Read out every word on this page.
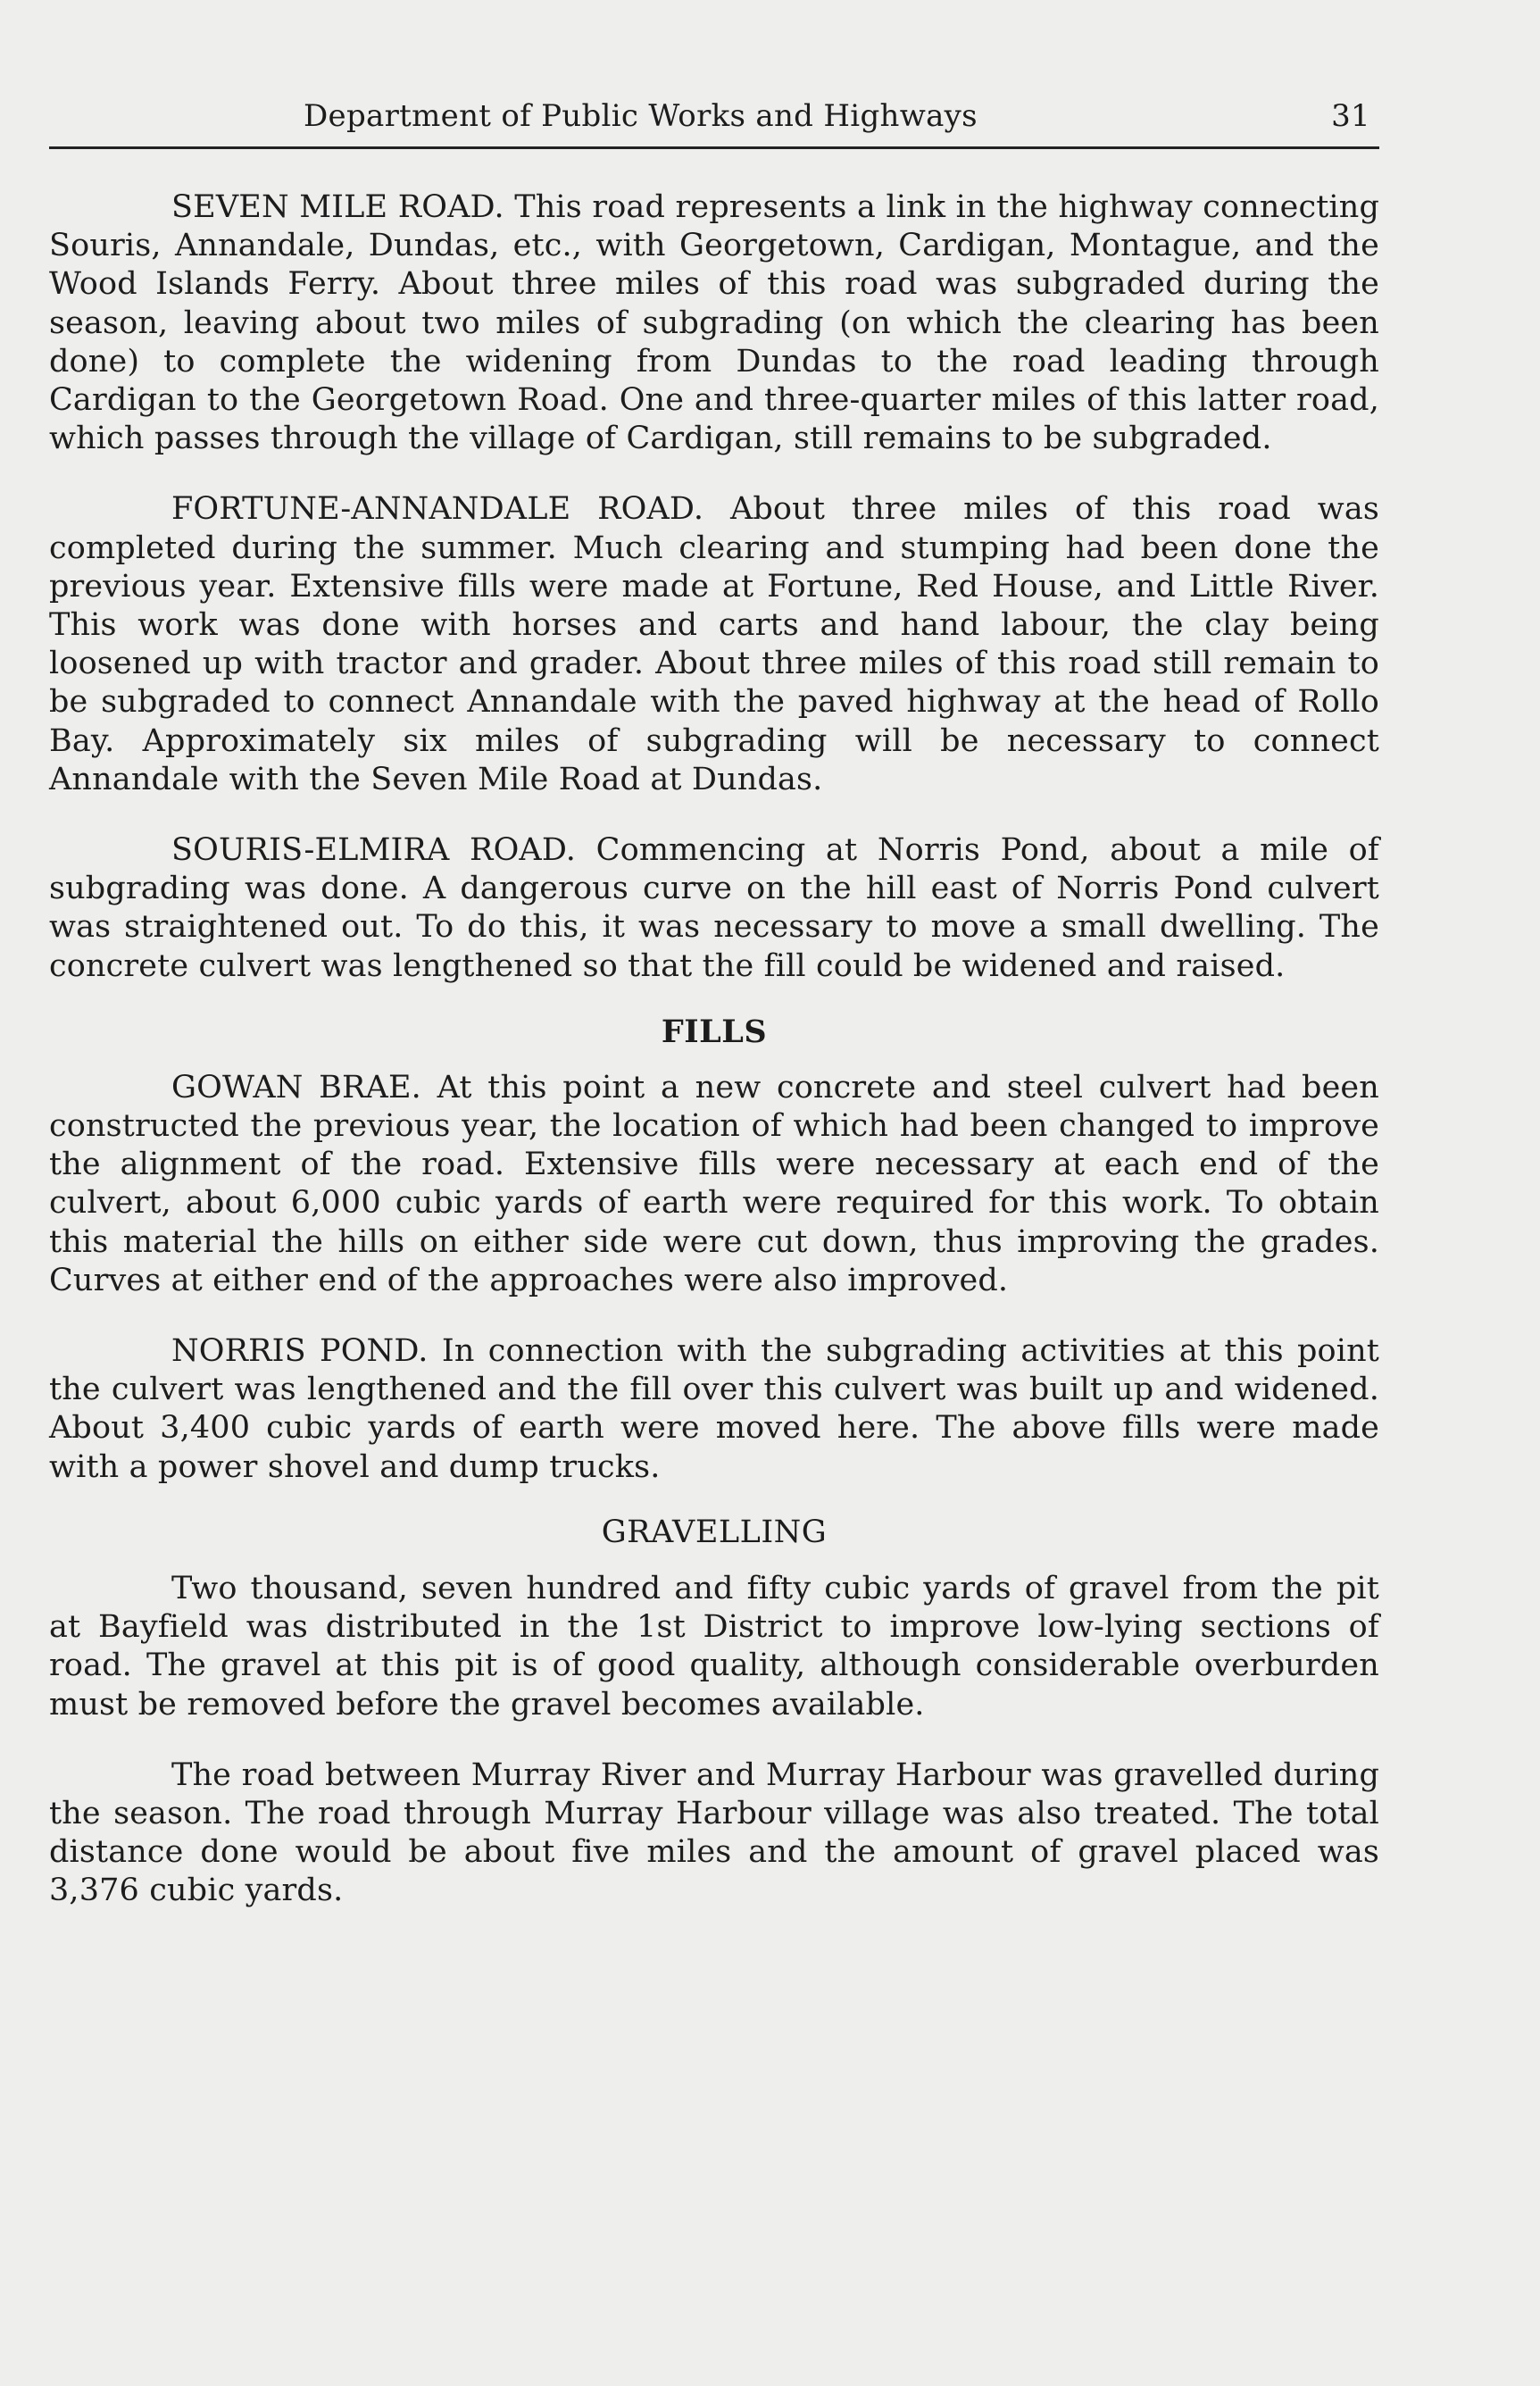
Department of Public Works and Highways	31

SEVEN MILE ROAD. This road represents a link in the highway connecting Souris, Annandale, Dundas, etc., with Georgetown, Cardigan, Montague, and the Wood Islands Ferry. About three miles of this road was subgraded during the season, leaving about two miles of subgrading (on which the clearing has been done) to complete the widening from Dundas to the road leading through Cardigan to the Georgetown Road. One and three-quarter miles of this latter road, which passes through the village of Cardigan, still remains to be subgraded.

FORTUNE-ANNANDALE ROAD. About three miles of this road was completed during the summer. Much clearing and stumping had been done the previous year. Extensive fills were made at Fortune, Red House, and Little River. This work was done with horses and carts and hand labour, the clay being loosened up with tractor and grader. About three miles of this road still remain to be subgraded to connect Annandale with the paved highway at the head of Rollo Bay. Approximately six miles of subgrading will be necessary to connect Annandale with the Seven Mile Road at Dundas.

SOURIS-ELMIRA ROAD. Commencing at Norris Pond, about a mile of subgrading was done. A dangerous curve on the hill east of Norris Pond culvert was straightened out. To do this, it was necessary to move a small dwelling. The concrete culvert was lengthened so that the fill could be widened and raised.

FILLS

GOWAN BRAE. At this point a new concrete and steel culvert had been constructed the previous year, the location of which had been changed to improve the alignment of the road. Extensive fills were necessary at each end of the culvert, about 6,000 cubic yards of earth were required for this work. To obtain this material the hills on either side were cut down, thus improving the grades. Curves at either end of the approaches were also improved.

NORRIS POND. In connection with the subgrading activities at this point the culvert was lengthened and the fill over this culvert was built up and widened. About 3,400 cubic yards of earth were moved here. The above fills were made with a power shovel and dump trucks.

GRAVELLING

Two thousand, seven hundred and fifty cubic yards of gravel from the pit at Bayfield was distributed in the 1st District to improve low-lying sections of road. The gravel at this pit is of good quality, although considerable overburden must be removed before the gravel becomes available.

The road between Murray River and Murray Harbour was gravelled during the season. The road through Murray Harbour village was also treated. The total distance done would be about five miles and the amount of gravel placed was 3,376 cubic yards.
